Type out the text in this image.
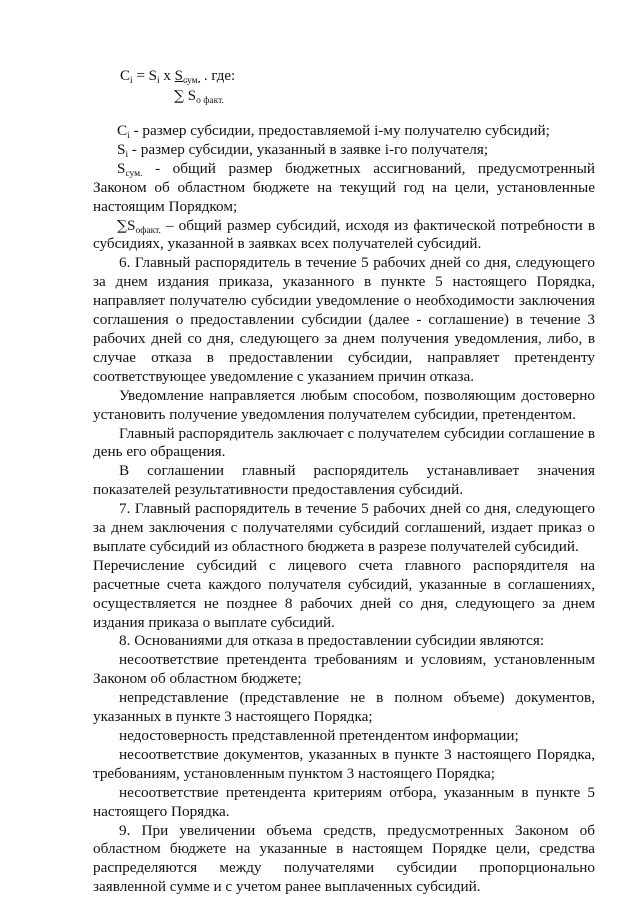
$C_i = S_i$ x $S_{сум.}$ . где:
∑ $S_{о факт.}$

$C_i$ - размер субсидии, предоставляемой i-му получателю субсидий;

$S_i$ - размер субсидии, указанный в заявке i-го получателя;

$S_{сум.}$ - общий размер бюджетных ассигнований, предусмотренный Законом об областном бюджете на текущий год на цели, установленные настоящим Порядком;

$\sum S_{офакт.}$ – общий размер субсидий, исходя из фактической потребности в субсидиях, указанной в заявках всех получателей субсидий.

6. Главный распорядитель в течение 5 рабочих дней со дня, следующего за днем издания приказа, указанного в пункте 5 настоящего Порядка, направляет получателю субсидии уведомление о необходимости заключения соглашения о предоставлении субсидии (далее - соглашение) в течение 3 рабочих дней со дня, следующего за днем получения уведомления, либо, в случае отказа в предоставлении субсидии, направляет претенденту соответствующее уведомление с указанием причин отказа.

Уведомление направляется любым способом, позволяющим достоверно установить получение уведомления получателем субсидии, претендентом.

Главный распорядитель заключает с получателем субсидии соглашение в день его обращения.

В соглашении главный распорядитель устанавливает значения показателей результативности предоставления субсидий.

7. Главный распорядитель в течение 5 рабочих дней со дня, следующего за днем заключения с получателями субсидий соглашений, издает приказ о выплате субсидий из областного бюджета в разрезе получателей субсидий.

Перечисление субсидий с лицевого счета главного распорядителя на расчетные счета каждого получателя субсидий, указанные в соглашениях, осуществляется не позднее 8 рабочих дней со дня, следующего за днем издания приказа о выплате субсидий.

8. Основаниями для отказа в предоставлении субсидии являются:

несоответствие претендента требованиям и условиям, установленным Законом об областном бюджете;

непредставление (представление не в полном объеме) документов, указанных в пункте 3 настоящего Порядка;

недостоверность представленной претендентом информации;

несоответствие документов, указанных в пункте 3 настоящего Порядка, требованиям, установленным пунктом 3 настоящего Порядка;

несоответствие претендента критериям отбора, указанным в пункте 5 настоящего Порядка.

9. При увеличении объема средств, предусмотренных Законом об областном бюджете на указанные в настоящем Порядке цели, средства распределяются между получателями субсидии пропорционально заявленной сумме и с учетом ранее выплаченных субсидий.
